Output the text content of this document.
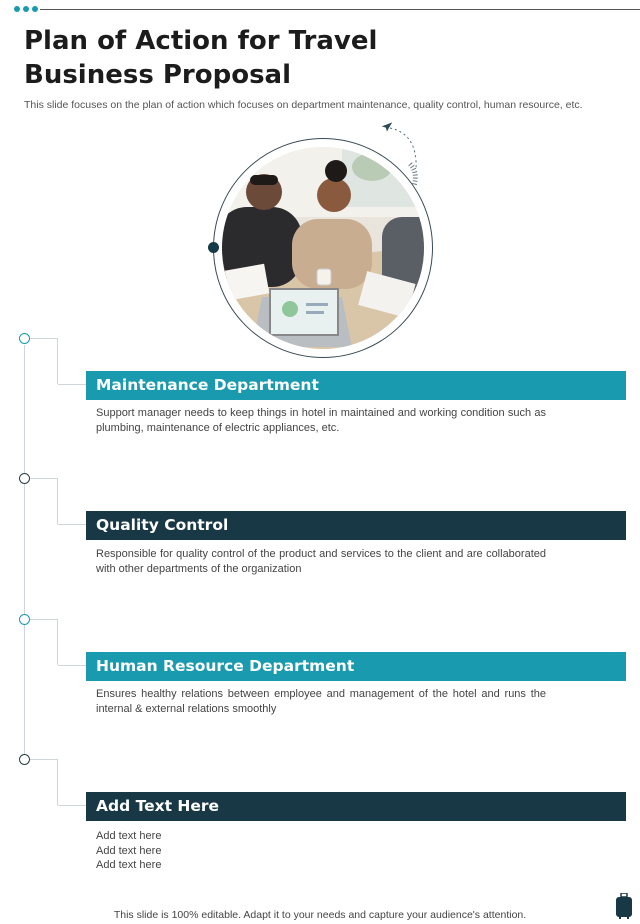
Plan of Action for Travel Business Proposal

This slide focuses on the plan of action which focuses on department maintenance, quality control, human resource, etc.

Maintenance Department

Support manager needs to keep things in hotel in maintained and working condition such as plumbing, maintenance of electric appliances, etc.

Quality Control

Responsible for quality control of the product and services to the client and are collaborated with other departments of the organization

Human Resource Department

Ensures healthy relations between employee and management of the hotel and runs the internal & external relations smoothly

Add Text Here
Add text here
Add text here
Add text here

This slide is 100% editable. Adapt it to your needs and capture your audience's attention.
